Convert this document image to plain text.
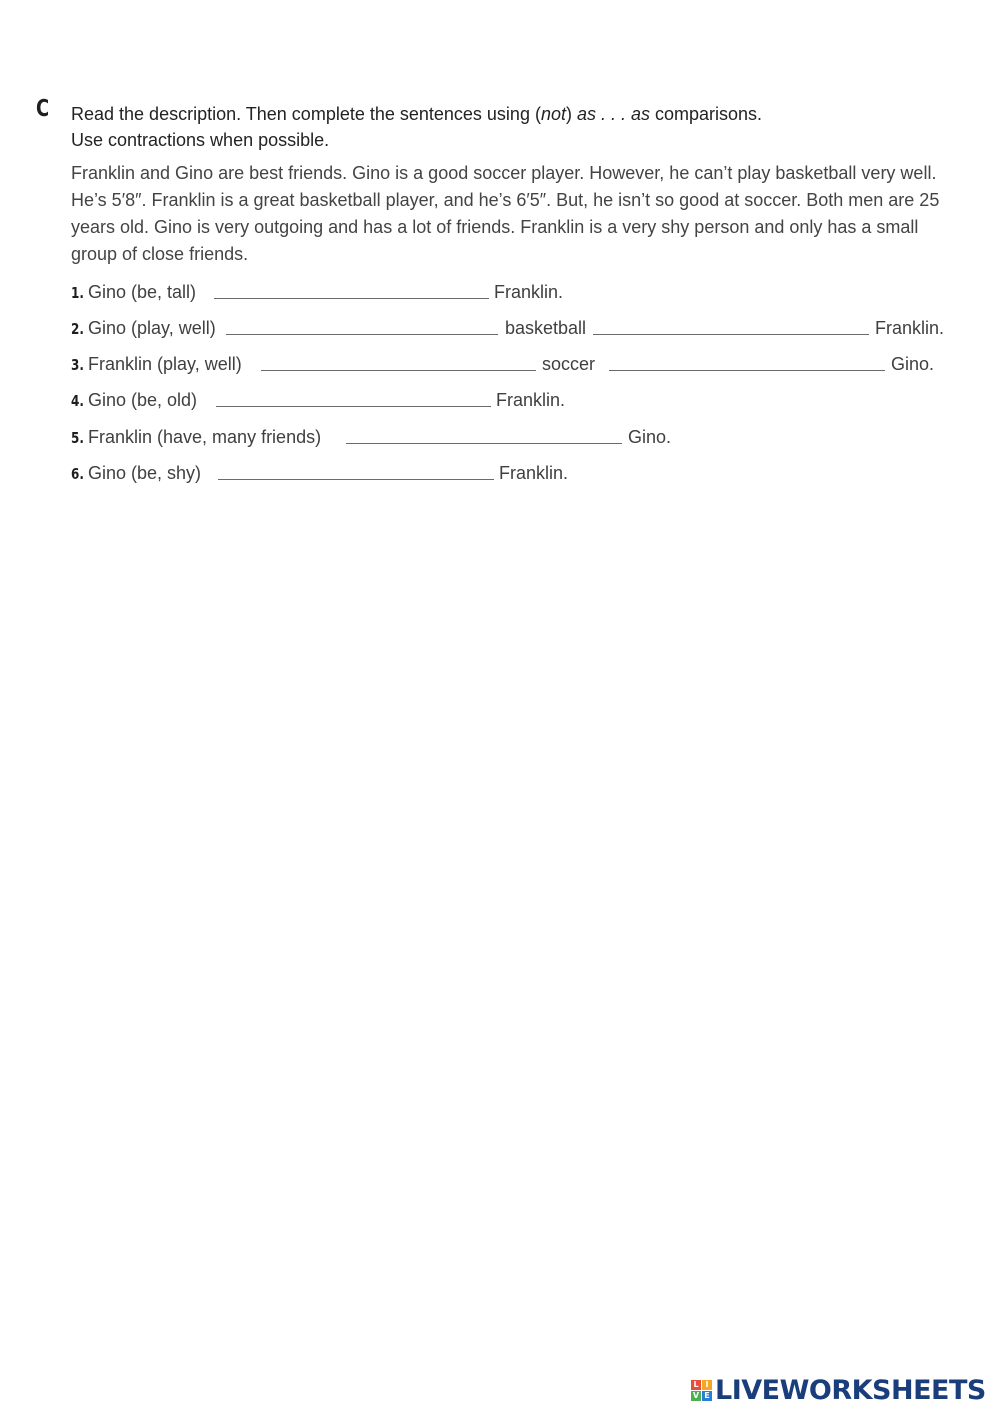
C Read the description. Then complete the sentences using (not) as . . . as comparisons.
Use contractions when possible.
Franklin and Gino are best friends. Gino is a good soccer player. However, he can’t play basketball very well. He’s 5′8″. Franklin is a great basketball player, and he’s 6′5″. But, he isn’t so good at soccer. Both men are 25 years old. Gino is very outgoing and has a lot of friends. Franklin is a very shy person and only has a small group of close friends.
1. Gino (be, tall)	Franklin.
2. Gino (play, well)	basketball	Franklin.
3. Franklin (play, well)	soccer	Gino.
4. Gino (be, old)	Franklin.
5. Franklin (have, many friends)	Gino.
6. Gino (be, shy)	Franklin.
L I
V E LIVEWORKSHEETS
